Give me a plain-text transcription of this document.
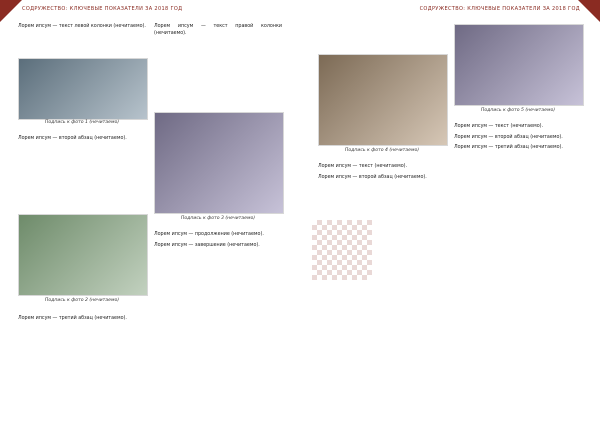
СОДРУЖЕСТВО: КЛЮЧЕВЫЕ ПОКАЗАТЕЛИ ЗА 2018 ГОД

Лорем ипсум — текст левой колонки (нечитаемо).

Подпись к фото 1 (нечитаемо)

Лорем ипсум — второй абзац (нечитаемо).

Подпись к фото 2 (нечитаемо)

Лорем ипсум — третий абзац (нечитаемо).

Лорем ипсум — текст правой колонки (нечитаемо).

Подпись к фото 3 (нечитаемо)

Лорем ипсум — продолжение (нечитаемо).

Лорем ипсум — завершение (нечитаемо).

СОДРУЖЕСТВО: КЛЮЧЕВЫЕ ПОКАЗАТЕЛИ ЗА 2018 ГОД
Подпись к фото 4 (нечитаемо)

Лорем ипсум — текст (нечитаемо).

Лорем ипсум — второй абзац (нечитаемо).

Подпись к фото 5 (нечитаемо)

Лорем ипсум — текст (нечитаемо).

Лорем ипсум — второй абзац (нечитаемо).

Лорем ипсум — третий абзац (нечитаемо).
